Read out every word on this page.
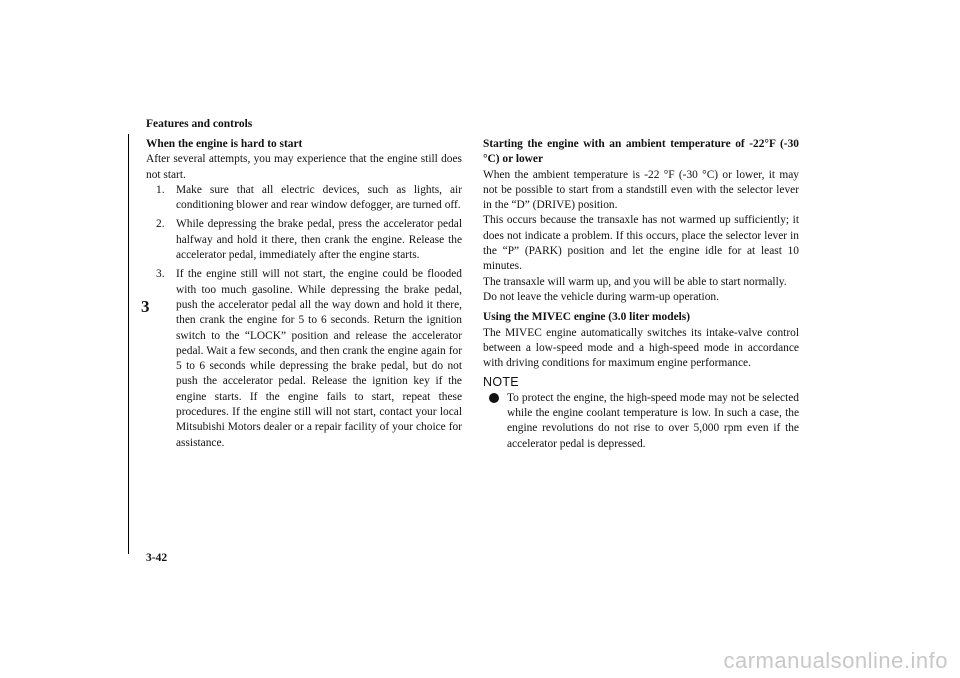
Features and controls
3
When the engine is hard to start

After several attempts, you may experience that the engine still does not start.

1. Make sure that all electric devices, such as lights, air conditioning blower and rear window defogger, are turned off.
2. While depressing the brake pedal, press the accelerator pedal halfway and hold it there, then crank the engine. Release the accelerator pedal, immediately after the engine starts.
3. If the engine still will not start, the engine could be flooded with too much gasoline. While depressing the brake pedal, push the accelerator pedal all the way down and hold it there, then crank the engine for 5 to 6 seconds. Return the ignition switch to the “LOCK” position and release the accelerator pedal. Wait a few seconds, and then crank the engine again for 5 to 6 seconds while depressing the brake pedal, but do not push the accelerator pedal. Release the ignition key if the engine starts. If the engine fails to start, repeat these procedures. If the engine still will not start, contact your local Mitsubishi Motors dealer or a repair facility of your choice for assistance.
Starting the engine with an ambient temperature of -22°F (-30 °C) or lower

When the ambient temperature is -22 °F (-30 °C) or lower, it may not be possible to start from a standstill even with the selector lever in the “D” (DRIVE) position.

This occurs because the transaxle has not warmed up sufficiently; it does not indicate a problem. If this occurs, place the selector lever in the “P” (PARK) position and let the engine idle for at least 10 minutes.

The transaxle will warm up, and you will be able to start normally.

Do not leave the vehicle during warm-up operation.

Using the MIVEC engine (3.0 liter models)

The MIVEC engine automatically switches its intake-valve control between a low-speed mode and a high-speed mode in accordance with driving conditions for maximum engine performance.

NOTE
To protect the engine, the high-speed mode may not be selected while the engine coolant temperature is low. In such a case, the engine revolutions do not rise to over 5,000 rpm even if the accelerator pedal is depressed.
3-42
carmanualsonline.info
